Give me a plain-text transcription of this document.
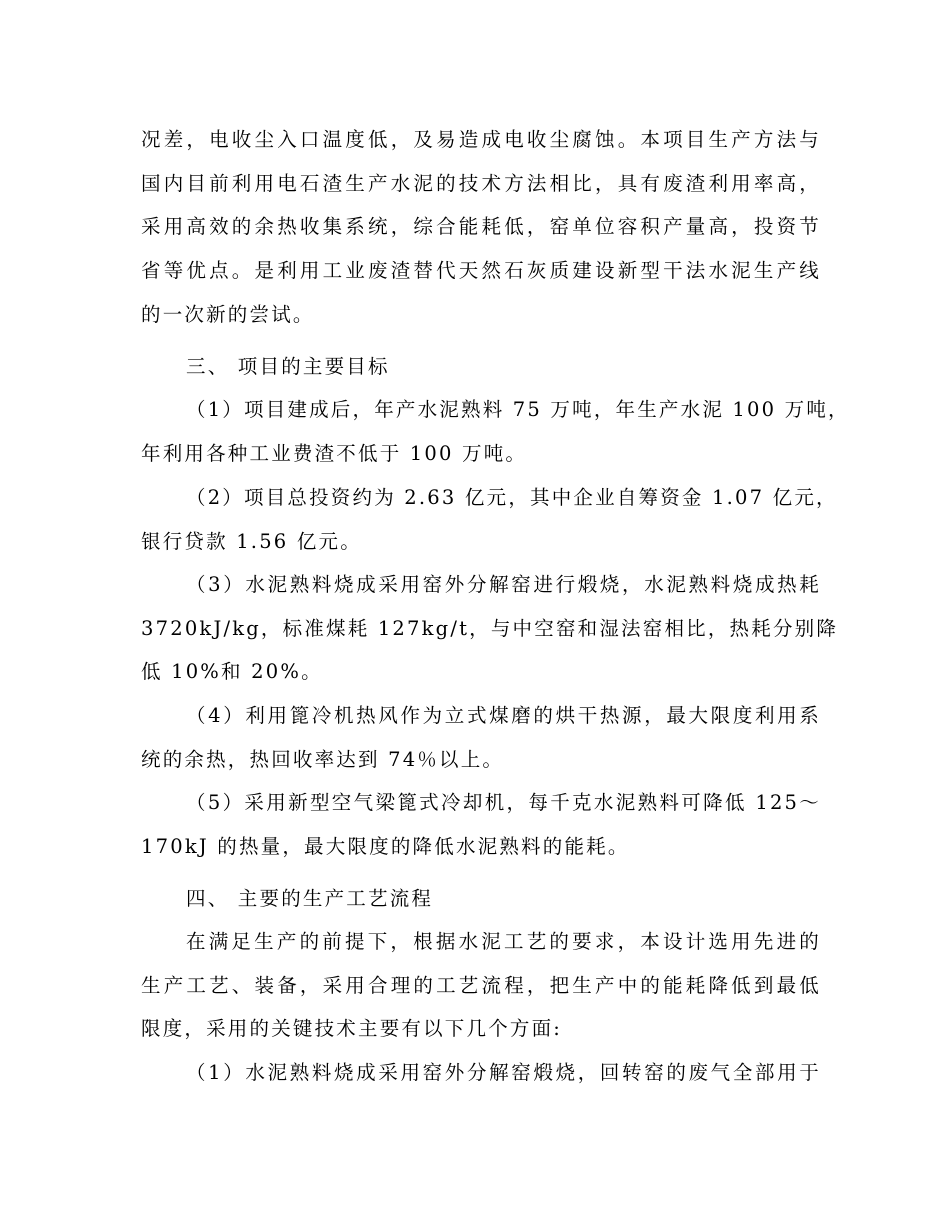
况差，电收尘入口温度低，及易造成电收尘腐蚀。本项目生产方法与
国内目前利用电石渣生产水泥的技术方法相比，具有废渣利用率高，
采用高效的余热收集系统，综合能耗低，窑单位容积产量高，投资节
省等优点。是利用工业废渣替代天然石灰质建设新型干法水泥生产线
的一次新的尝试。
三、 项目的主要目标
（1）项目建成后，年产水泥熟料 75 万吨，年生产水泥 100 万吨，
年利用各种工业费渣不低于 100 万吨。
（2）项目总投资约为 2.63 亿元，其中企业自筹资金 1.07 亿元，
银行贷款 1.56 亿元。
（3）水泥熟料烧成采用窑外分解窑进行煅烧，水泥熟料烧成热耗
3720kJ/kg，标准煤耗 127kg/t，与中空窑和湿法窑相比，热耗分别降
低 10%和 20%。
（4）利用篦冷机热风作为立式煤磨的烘干热源，最大限度利用系
统的余热，热回收率达到 74％以上。
（5）采用新型空气梁篦式冷却机，每千克水泥熟料可降低 125～
170kJ 的热量，最大限度的降低水泥熟料的能耗。
四、 主要的生产工艺流程
在满足生产的前提下，根据水泥工艺的要求，本设计选用先进的
生产工艺、装备，采用合理的工艺流程，把生产中的能耗降低到最低
限度，采用的关键技术主要有以下几个方面:
（1）水泥熟料烧成采用窑外分解窑煅烧，回转窑的废气全部用于
